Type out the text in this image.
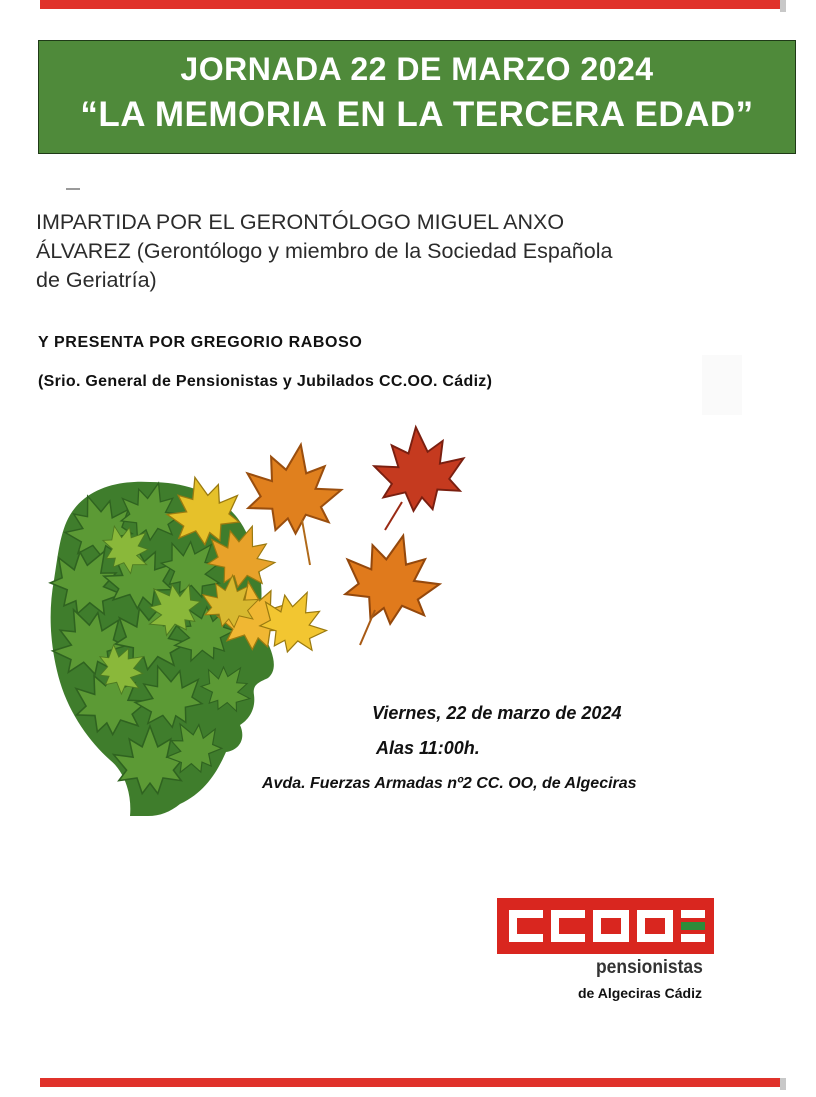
JORNADA 22 DE MARZO 2024
“LA MEMORIA EN LA TERCERA EDAD”
IMPARTIDA POR EL GERONTÓLOGO MIGUEL ANXO
ÁLVAREZ (Gerontólogo y miembro de la Sociedad Española
de Geriatría)
Y PRESENTA POR GREGORIO RABOSO
(Srio. General de Pensionistas y Jubilados CC.OO. Cádiz)
Viernes, 22 de marzo de 2024
Alas 11:00h.
Avda. Fuerzas Armadas nº2 CC. OO, de Algeciras
pensionistas
de Algeciras Cádiz
